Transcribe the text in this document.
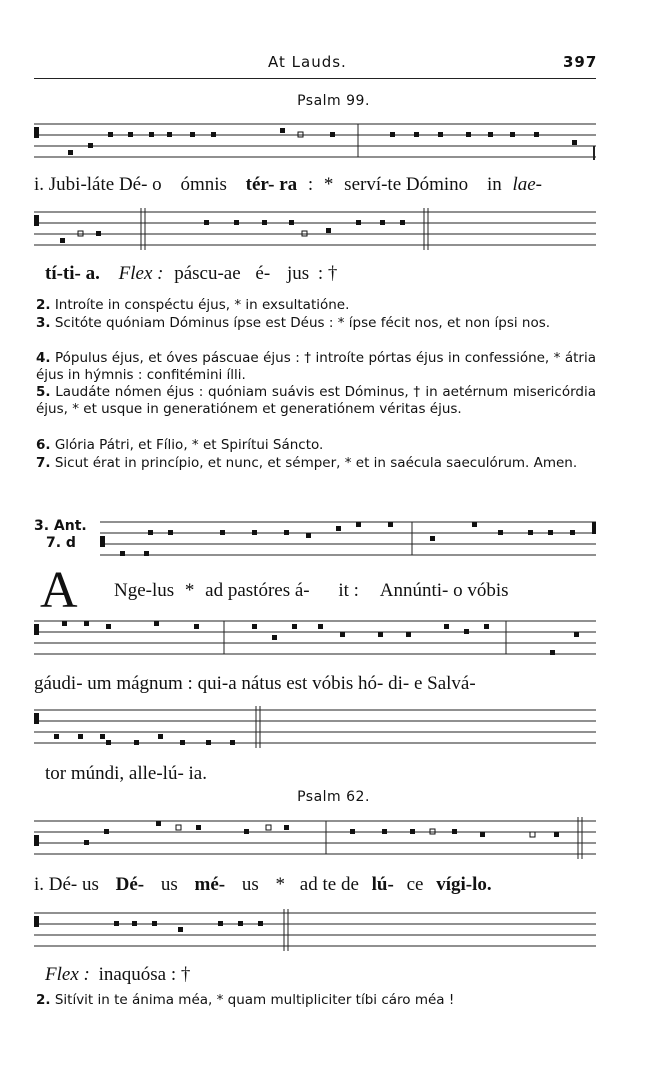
At Lauds.	397
Psalm 99.
i. Jubi-láte Dé- o ómnis tér- ra : * serví-te Dómino in lae-
tí-ti- a. Flex : páscu-ae é- jus : †
2. Introíte in conspéctu éjus, * in exsultatióne.
3. Scitóte quóniam Dóminus ípse est Déus : * ípse fécit nos, et non ípsi nos.
4. Pópulus éjus, et óves páscuae éjus : † introíte pórtas éjus in confessióne, * átria éjus in hýmnis : confitémini ílli.
5. Laudáte nómen éjus : quóniam suávis est Dóminus, † in aetérnum misericórdia éjus, * et usque in generatiónem et generatiónem véritas éjus.
6. Glória Pátri, et Fílio, * et Spirítui Sáncto.
7. Sicut érat in princípio, et nunc, et sémper, * et in saécula saeculórum. Amen.
3. Ant.
7. d
A Nge-lus * ad pastóres á- it : Annúnti- o vóbis
gáudi- um mágnum : qui-a nátus est vóbis hó- di- e Salvá-
tor múndi, alle-lú- ia.
Psalm 62.
i. Dé- us Dé- us mé- us * ad te de lú- ce vígi-lo.
Flex : inaquósa : †
2. Sitívit in te ánima méa, * quam multipliciter tíbi cáro méa !
